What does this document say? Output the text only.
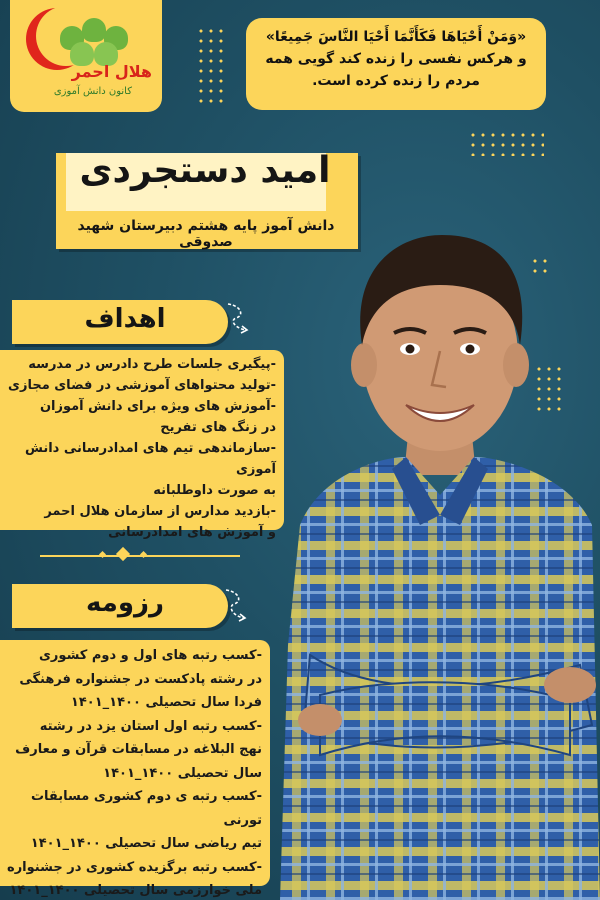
هلال احمر
کانون دانش آموزی
«وَمَنْ أَحْيَاهَا فَكَأَنَّمَا أَحْيَا النَّاسَ جَمِيعًا»
و هرکس نفسی را زنده کند گویی همه مردم را زنده کرده است.
امید دستجردی
دانش آموز پایه هشتم دبیرستان شهید صدوقی
اهداف
-پیگیری جلسات طرح دادرس در مدرسه
-تولید محتواهای آموزشی در فضای مجازی
-آموزش های ویژه برای دانش آموزان
در زنگ های تفریح
-سازماندهی تیم های امدادرسانی دانش آموزی
به صورت داوطلبانه
-بازدید مدارس از سازمان هلال احمر
و آموزش های امدادرسانی
رزومه
-کسب رتبه های اول و دوم کشوری
در رشته پادکست در جشنواره فرهنگی
فردا سال تحصیلی ۱۴۰۰_۱۴۰۱
-کسب رتبه اول استان یزد در رشته
نهج البلاغه در مسابقات قرآن و معارف
سال تحصیلی ۱۴۰۰_۱۴۰۱
-کسب رتبه ی دوم کشوری مسابقات تورنی
تیم ریاضی سال تحصیلی ۱۴۰۰_۱۴۰۱
-کسب رتبه برگزیده کشوری در جشنواره
ملی خوارزمی سال تحصیلی ۱۴۰۰_۱۴۰۱
